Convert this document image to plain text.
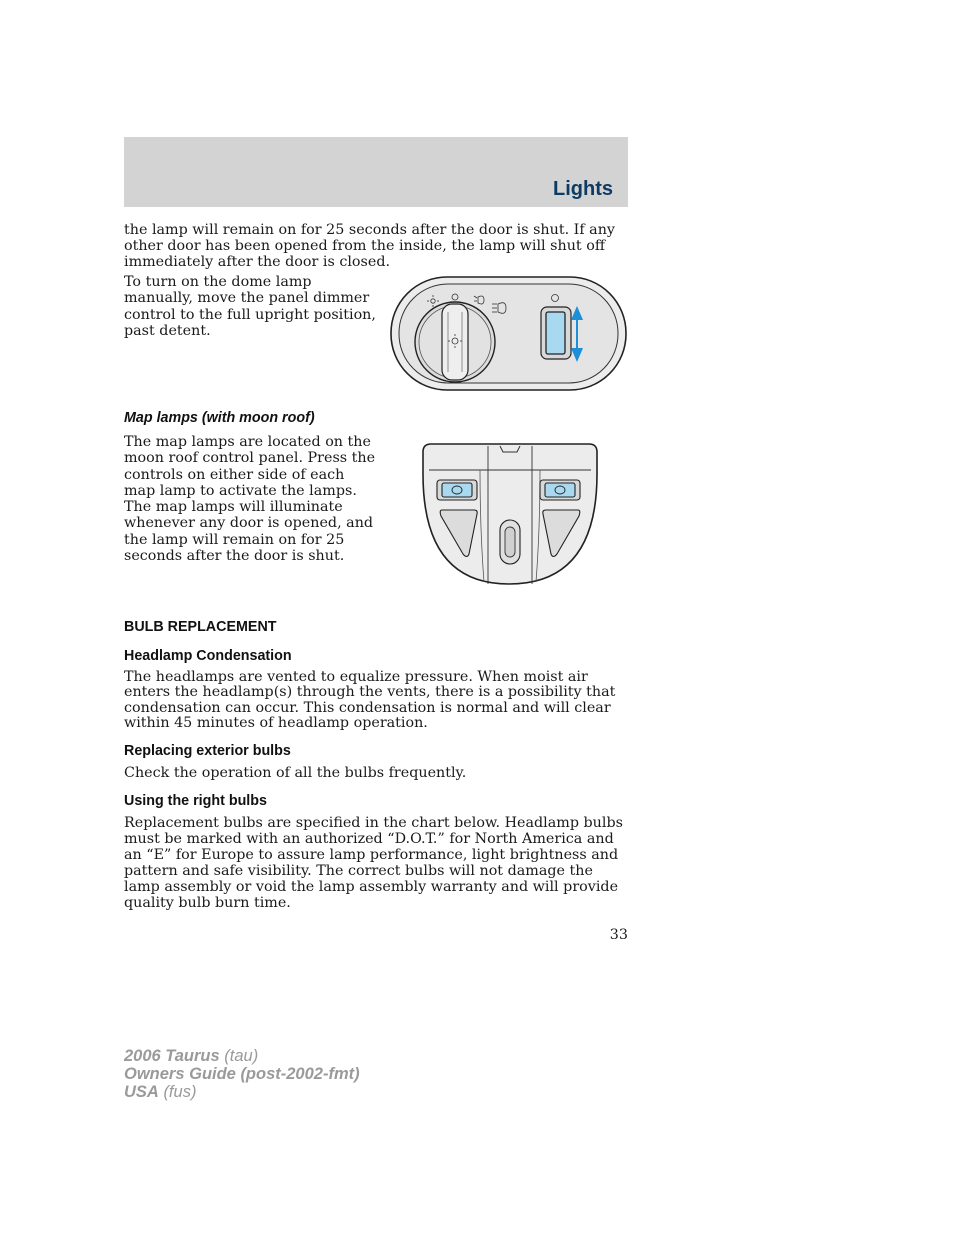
Lights

the lamp will remain on for 25 seconds after the door is shut. If any other door has been opened from the inside, the lamp will shut off immediately after the door is closed.

To turn on the dome lamp manually, move the panel dimmer control to the full upright position, past detent.

Map lamps (with moon roof)

The map lamps are located on the moon roof control panel. Press the controls on either side of each map lamp to activate the lamps. The map lamps will illuminate whenever any door is opened, and the lamp will remain on for 25 seconds after the door is shut.

BULB REPLACEMENT
Headlamp Condensation

The headlamps are vented to equalize pressure. When moist air enters the headlamp(s) through the vents, there is a possibility that condensation can occur. This condensation is normal and will clear within 45 minutes of headlamp operation.

Replacing exterior bulbs

Check the operation of all the bulbs frequently.

Using the right bulbs

Replacement bulbs are specified in the chart below. Headlamp bulbs must be marked with an authorized “D.O.T.” for North America and an “E” for Europe to assure lamp performance, light brightness and pattern and safe visibility. The correct bulbs will not damage the lamp assembly or void the lamp assembly warranty and will provide quality bulb burn time.

33
2006 Taurus (tau)
Owners Guide (post-2002-fmt)
USA (fus)
